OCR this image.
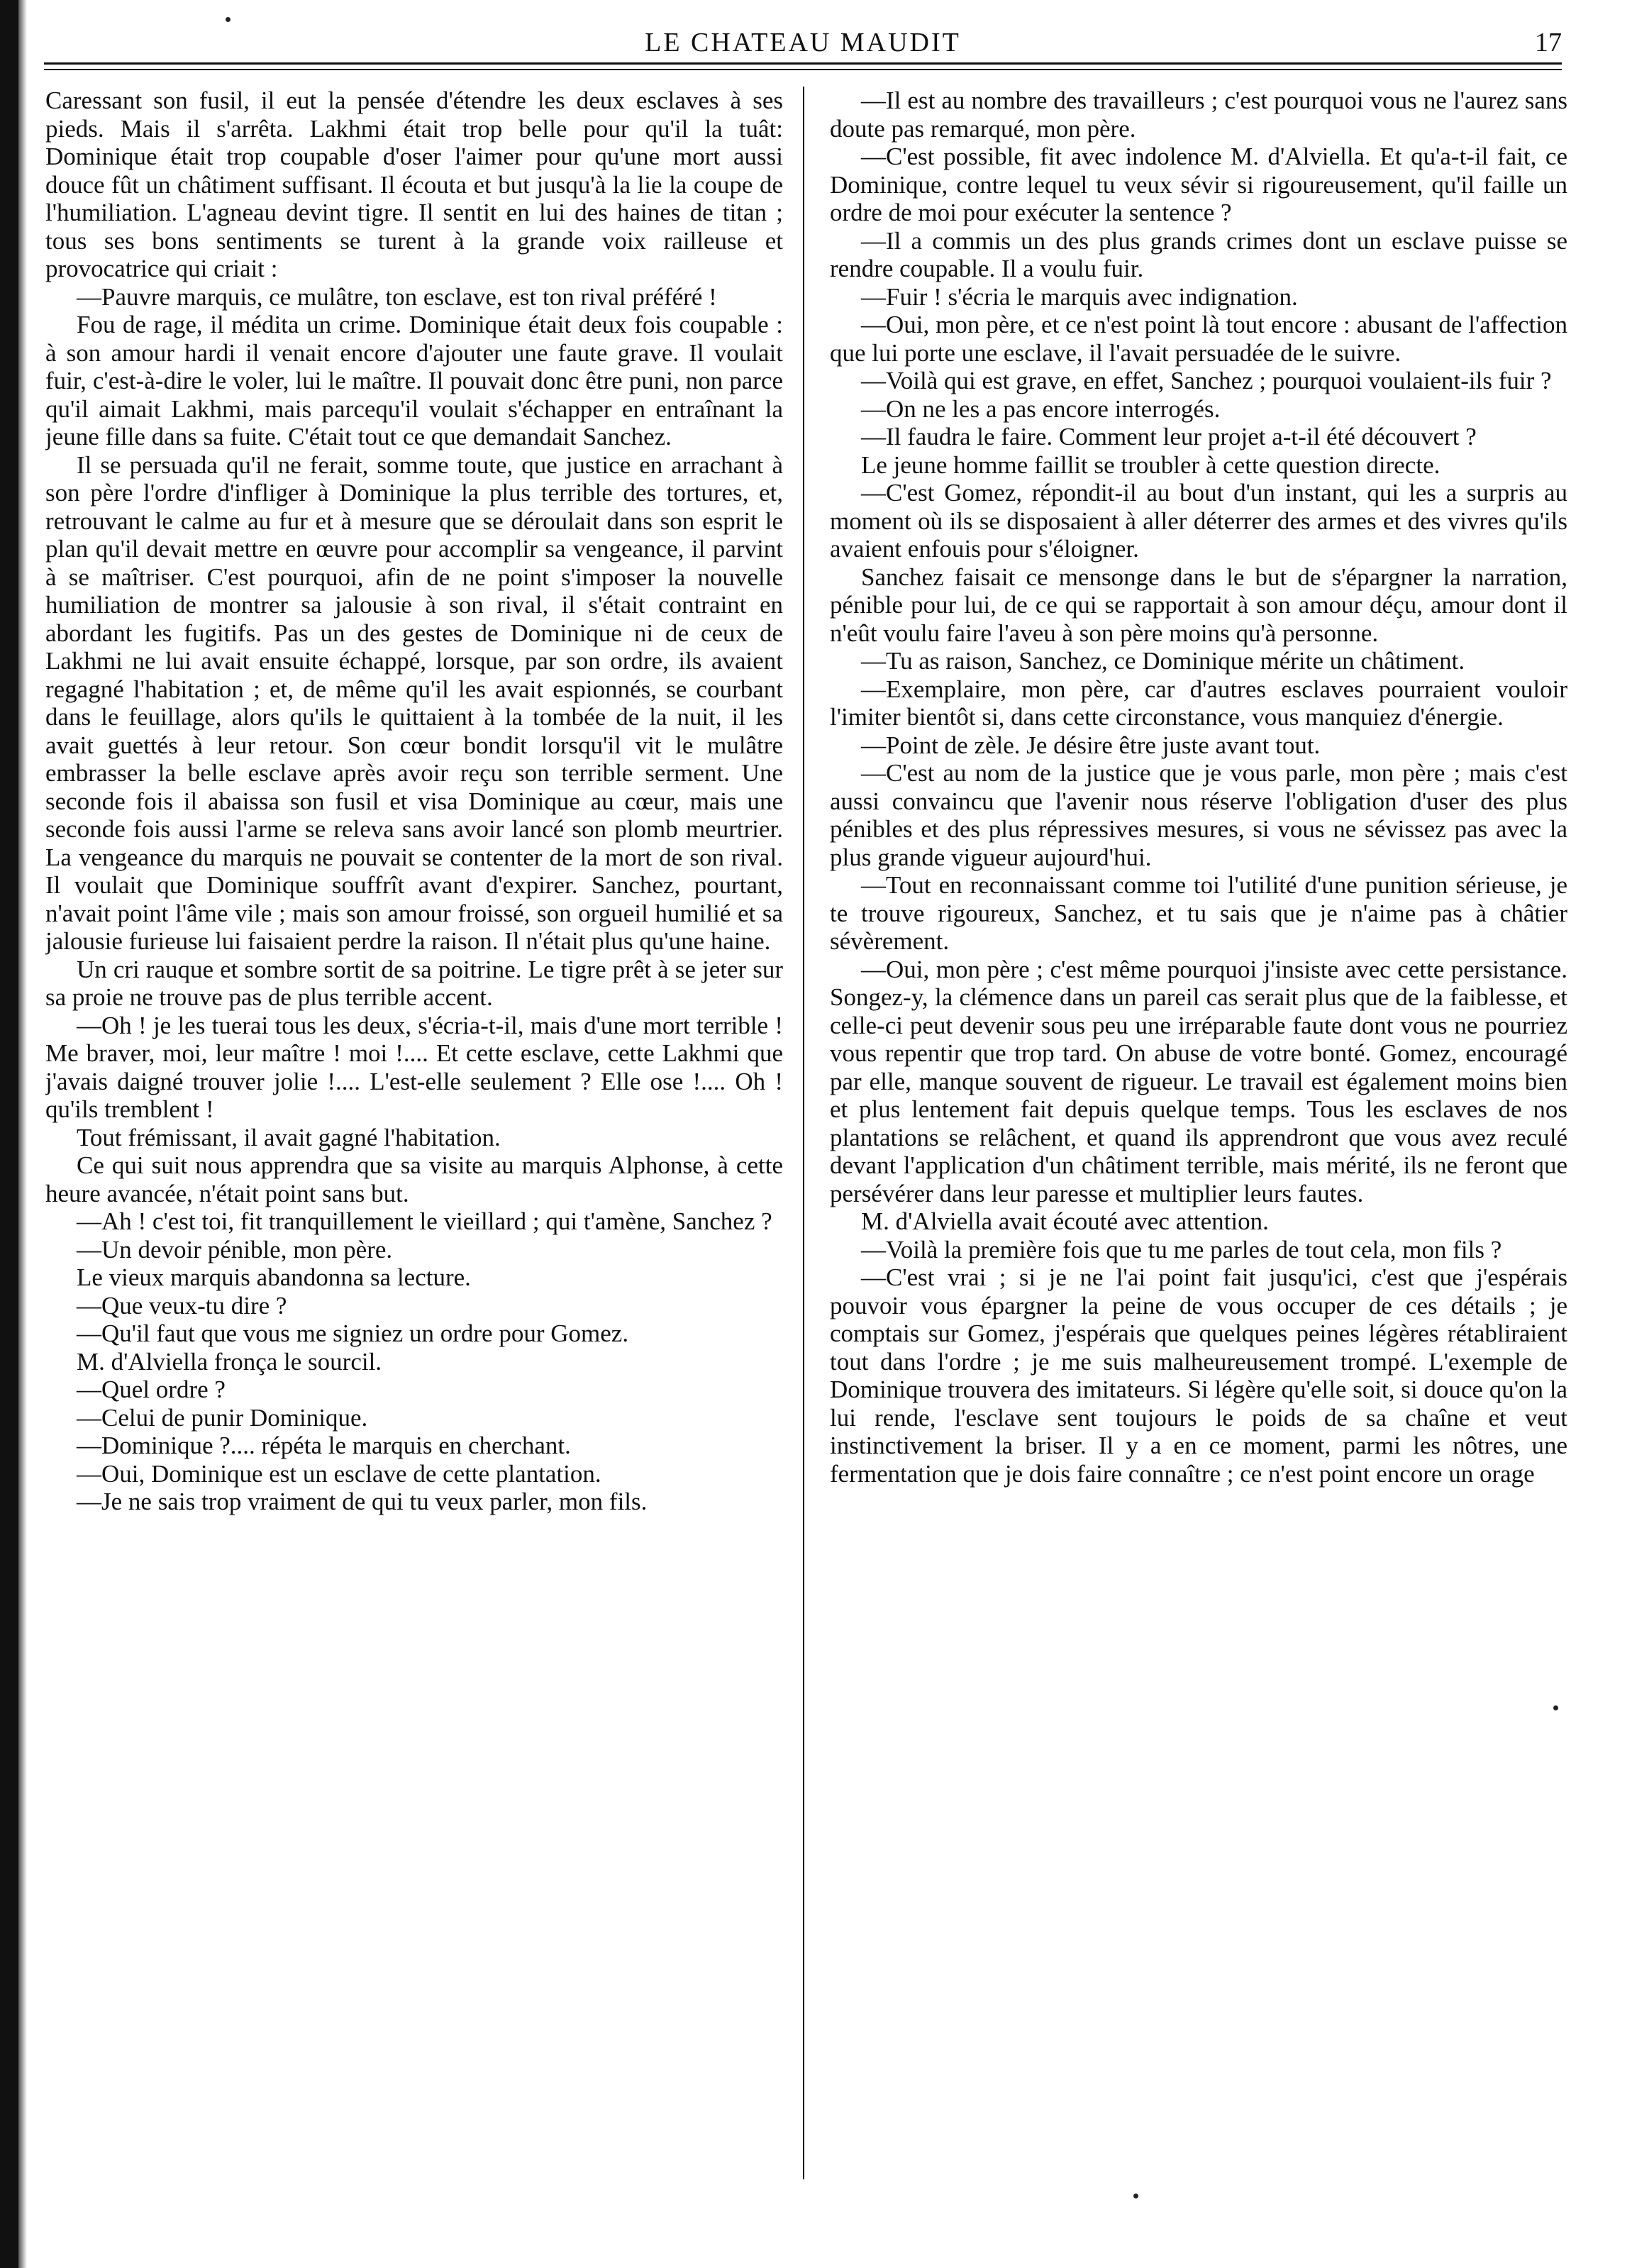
LE CHATEAU MAUDIT	17

Caressant son fusil, il eut la pensée d'étendre les deux esclaves à ses pieds. Mais il s'arrêta. Lakhmi était trop belle pour qu'il la tuât: Dominique était trop coupable d'oser l'aimer pour qu'une mort aussi douce fût un châtiment suffisant. Il écouta et but jusqu'à la lie la coupe de l'humiliation. L'agneau devint tigre. Il sentit en lui des haines de titan ; tous ses bons sentiments se turent à la grande voix railleuse et provocatrice qui criait :

—Pauvre marquis, ce mulâtre, ton esclave, est ton rival préféré !

Fou de rage, il médita un crime. Dominique était deux fois coupable : à son amour hardi il venait encore d'ajouter une faute grave. Il voulait fuir, c'est-à-dire le voler, lui le maître. Il pouvait donc être puni, non parce qu'il aimait Lakhmi, mais parcequ'il voulait s'échapper en entraînant la jeune fille dans sa fuite. C'était tout ce que demandait Sanchez.

Il se persuada qu'il ne ferait, somme toute, que justice en arrachant à son père l'ordre d'infliger à Dominique la plus terrible des tortures, et, retrouvant le calme au fur et à mesure que se déroulait dans son esprit le plan qu'il devait mettre en œuvre pour accomplir sa vengeance, il parvint à se maîtriser. C'est pourquoi, afin de ne point s'imposer la nouvelle humiliation de montrer sa jalousie à son rival, il s'était contraint en abordant les fugitifs. Pas un des gestes de Dominique ni de ceux de Lakhmi ne lui avait ensuite échappé, lorsque, par son ordre, ils avaient regagné l'habitation ; et, de même qu'il les avait espionnés, se courbant dans le feuillage, alors qu'ils le quittaient à la tombée de la nuit, il les avait guettés à leur retour. Son cœur bondit lorsqu'il vit le mulâtre embrasser la belle esclave après avoir reçu son terrible serment. Une seconde fois il abaissa son fusil et visa Dominique au cœur, mais une seconde fois aussi l'arme se releva sans avoir lancé son plomb meurtrier. La vengeance du marquis ne pouvait se contenter de la mort de son rival. Il voulait que Dominique souffrît avant d'expirer. Sanchez, pourtant, n'avait point l'âme vile ; mais son amour froissé, son orgueil humilié et sa jalousie furieuse lui faisaient perdre la raison. Il n'était plus qu'une haine.

Un cri rauque et sombre sortit de sa poitrine. Le tigre prêt à se jeter sur sa proie ne trouve pas de plus terrible accent.

—Oh ! je les tuerai tous les deux, s'écria-t-il, mais d'une mort terrible ! Me braver, moi, leur maître ! moi !.... Et cette esclave, cette Lakhmi que j'avais daigné trouver jolie !.... L'est-elle seulement ? Elle ose !.... Oh ! qu'ils tremblent !

Tout frémissant, il avait gagné l'habitation.

Ce qui suit nous apprendra que sa visite au marquis Alphonse, à cette heure avancée, n'était point sans but.

—Ah ! c'est toi, fit tranquillement le vieillard ; qui t'amène, Sanchez ?

—Un devoir pénible, mon père.

Le vieux marquis abandonna sa lecture.

—Que veux-tu dire ?

—Qu'il faut que vous me signiez un ordre pour Gomez.

M. d'Alviella fronça le sourcil.

—Quel ordre ?

—Celui de punir Dominique.

—Dominique ?.... répéta le marquis en cherchant.

—Oui, Dominique est un esclave de cette plantation.

—Je ne sais trop vraiment de qui tu veux parler, mon fils.

—Il est au nombre des travailleurs ; c'est pourquoi vous ne l'aurez sans doute pas remarqué, mon père.

—C'est possible, fit avec indolence M. d'Alviella. Et qu'a-t-il fait, ce Dominique, contre lequel tu veux sévir si rigoureusement, qu'il faille un ordre de moi pour exécuter la sentence ?

—Il a commis un des plus grands crimes dont un esclave puisse se rendre coupable. Il a voulu fuir.

—Fuir ! s'écria le marquis avec indignation.

—Oui, mon père, et ce n'est point là tout encore : abusant de l'affection que lui porte une esclave, il l'avait persuadée de le suivre.

—Voilà qui est grave, en effet, Sanchez ; pourquoi voulaient-ils fuir ?

—On ne les a pas encore interrogés.

—Il faudra le faire. Comment leur projet a-t-il été découvert ?

Le jeune homme faillit se troubler à cette question directe.

—C'est Gomez, répondit-il au bout d'un instant, qui les a surpris au moment où ils se disposaient à aller déterrer des armes et des vivres qu'ils avaient enfouis pour s'éloigner.

Sanchez faisait ce mensonge dans le but de s'épargner la narration, pénible pour lui, de ce qui se rapportait à son amour déçu, amour dont il n'eût voulu faire l'aveu à son père moins qu'à personne.

—Tu as raison, Sanchez, ce Dominique mérite un châtiment.

—Exemplaire, mon père, car d'autres esclaves pourraient vouloir l'imiter bientôt si, dans cette circonstance, vous manquiez d'énergie.

—Point de zèle. Je désire être juste avant tout.

—C'est au nom de la justice que je vous parle, mon père ; mais c'est aussi convaincu que l'avenir nous réserve l'obligation d'user des plus pénibles et des plus répressives mesures, si vous ne sévissez pas avec la plus grande vigueur aujourd'hui.

—Tout en reconnaissant comme toi l'utilité d'une punition sérieuse, je te trouve rigoureux, Sanchez, et tu sais que je n'aime pas à châtier sévèrement.

—Oui, mon père ; c'est même pourquoi j'insiste avec cette persistance. Songez-y, la clémence dans un pareil cas serait plus que de la faiblesse, et celle-ci peut devenir sous peu une irréparable faute dont vous ne pourriez vous repentir que trop tard. On abuse de votre bonté. Gomez, encouragé par elle, manque souvent de rigueur. Le travail est également moins bien et plus lentement fait depuis quelque temps. Tous les esclaves de nos plantations se relâchent, et quand ils apprendront que vous avez reculé devant l'application d'un châtiment terrible, mais mérité, ils ne feront que persévérer dans leur paresse et multiplier leurs fautes.

M. d'Alviella avait écouté avec attention.

—Voilà la première fois que tu me parles de tout cela, mon fils ?

—C'est vrai ; si je ne l'ai point fait jusqu'ici, c'est que j'espérais pouvoir vous épargner la peine de vous occuper de ces détails ; je comptais sur Gomez, j'espérais que quelques peines légères rétabliraient tout dans l'ordre ; je me suis malheureusement trompé. L'exemple de Dominique trouvera des imitateurs. Si légère qu'elle soit, si douce qu'on la lui rende, l'esclave sent toujours le poids de sa chaîne et veut instinctivement la briser. Il y a en ce moment, parmi les nôtres, une fermentation que je dois faire connaître ; ce n'est point encore un orage
